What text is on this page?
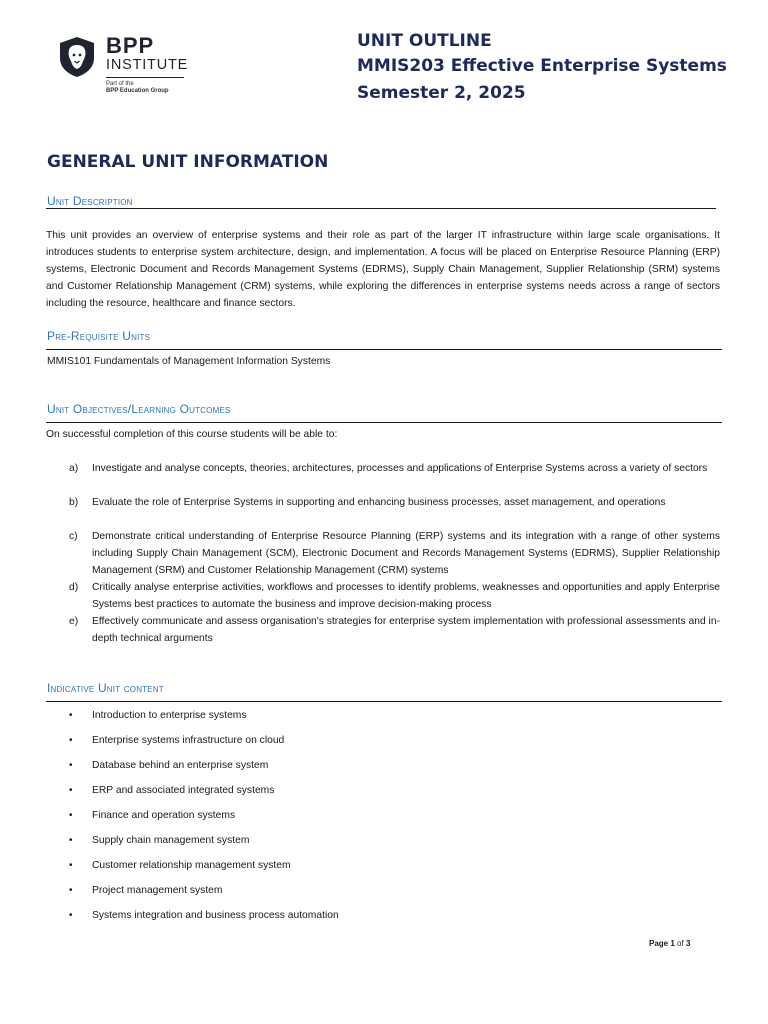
BPP
INSTITUTE
Part of the
BPP Education Group
UNIT OUTLINE
MMIS203 Effective Enterprise Systems
Semester 2, 2025
GENERAL UNIT INFORMATION
Unit Description
This unit provides an overview of enterprise systems and their role as part of the larger IT infrastructure within large scale organisations. It introduces students to enterprise system architecture, design, and implementation. A focus will be placed on Enterprise Resource Planning (ERP) systems, Electronic Document and Records Management Systems (EDRMS), Supply Chain Management, Supplier Relationship (SRM) systems and Customer Relationship Management (CRM) systems, while exploring the differences in enterprise systems needs across a range of sectors including the resource, healthcare and finance sectors.
Pre-Requisite Units
MMIS101 Fundamentals of Management Information Systems
Unit Objectives/Learning Outcomes
On successful completion of this course students will be able to:
a) Investigate and analyse concepts, theories, architectures, processes and applications of Enterprise Systems across a variety of sectors
b) Evaluate the role of Enterprise Systems in supporting and enhancing business processes, asset management, and operations
c) Demonstrate critical understanding of Enterprise Resource Planning (ERP) systems and its integration with a range of other systems including Supply Chain Management (SCM), Electronic Document and Records Management Systems (EDRMS), Supplier Relationship Management (SRM) and Customer Relationship Management (CRM) systems
d) Critically analyse enterprise activities, workflows and processes to identify problems, weaknesses and opportunities and apply Enterprise Systems best practices to automate the business and improve decision-making process
e) Effectively communicate and assess organisation's strategies for enterprise system implementation with professional assessments and in-depth technical arguments
Indicative Unit content
• Introduction to enterprise systems
• Enterprise systems infrastructure on cloud
• Database behind an enterprise system
• ERP and associated integrated systems
• Finance and operation systems
• Supply chain management system
• Customer relationship management system
• Project management system
• Systems integration and business process automation
Page 1 of 3
